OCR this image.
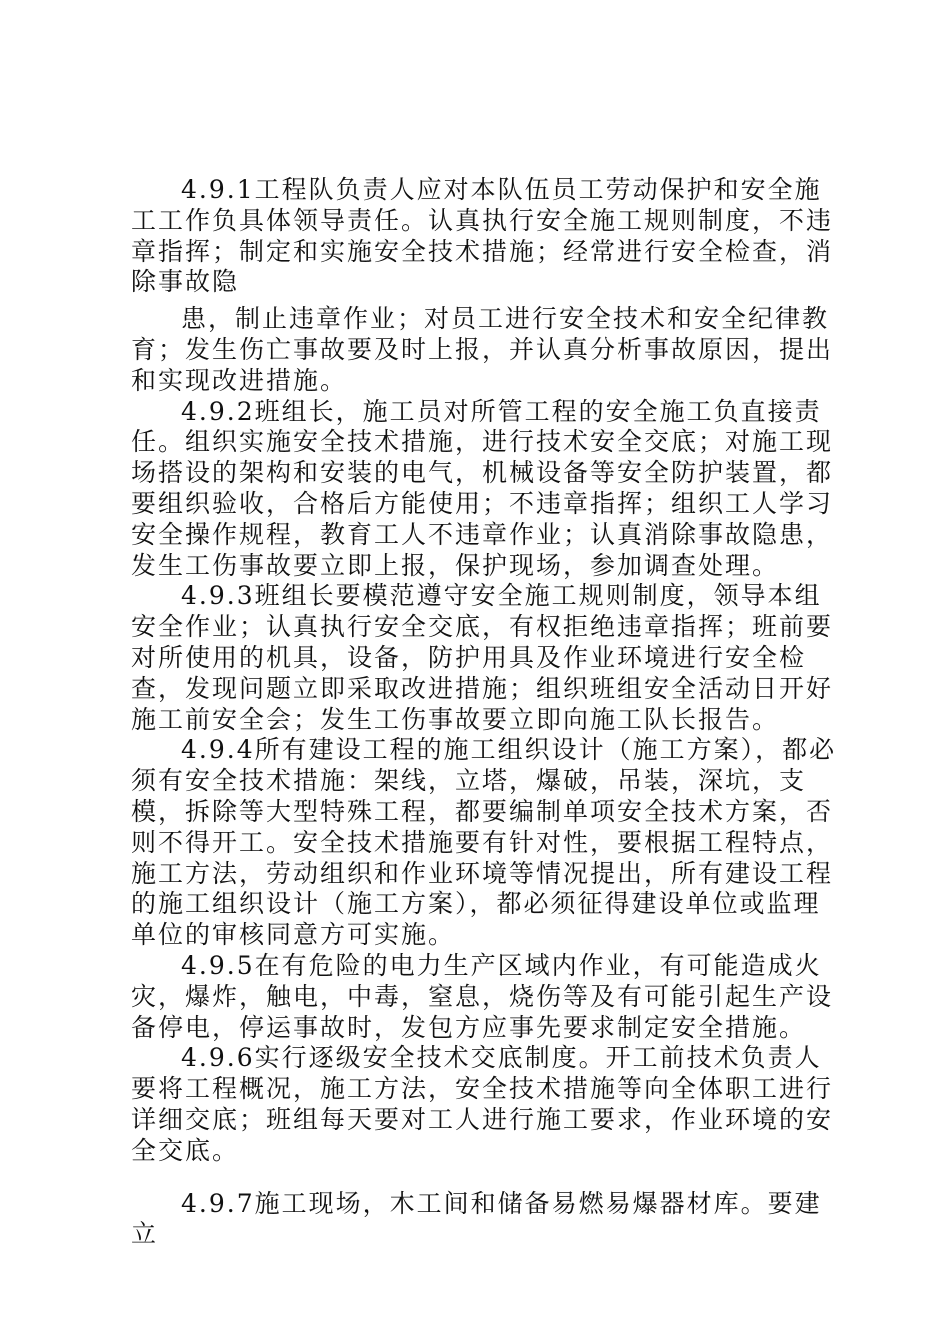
4.9.1工程队负责人应对本队伍员工劳动保护和安全施工工作负具体领导责任。认真执行安全施工规则制度，不违章指挥；制定和实施安全技术措施；经常进行安全检查，消除事故隐

患，制止违章作业；对员工进行安全技术和安全纪律教育；发生伤亡事故要及时上报，并认真分析事故原因，提出和实现改进措施。

4.9.2班组长，施工员对所管工程的安全施工负直接责任。组织实施安全技术措施，进行技术安全交底；对施工现场搭设的架构和安装的电气，机械设备等安全防护装置，都要组织验收，合格后方能使用；不违章指挥；组织工人学习安全操作规程，教育工人不违章作业；认真消除事故隐患，发生工伤事故要立即上报，保护现场，参加调查处理。

4.9.3班组长要模范遵守安全施工规则制度，领导本组安全作业；认真执行安全交底，有权拒绝违章指挥；班前要对所使用的机具，设备，防护用具及作业环境进行安全检查，发现问题立即采取改进措施；组织班组安全活动日开好施工前安全会；发生工伤事故要立即向施工队长报告。

4.9.4所有建设工程的施工组织设计（施工方案），都必须有安全技术措施：架线，立塔，爆破，吊装，深坑，支模，拆除等大型特殊工程，都要编制单项安全技术方案，否则不得开工。安全技术措施要有针对性，要根据工程特点，施工方法，劳动组织和作业环境等情况提出，所有建设工程的施工组织设计（施工方案），都必须征得建设单位或监理单位的审核同意方可实施。

4.9.5在有危险的电力生产区域内作业，有可能造成火灾，爆炸，触电，中毒，窒息，烧伤等及有可能引起生产设备停电，停运事故时，发包方应事先要求制定安全措施。

4.9.6实行逐级安全技术交底制度。开工前技术负责人要将工程概况，施工方法，安全技术措施等向全体职工进行详细交底；班组每天要对工人进行施工要求，作业环境的安全交底。

4.9.7施工现场，木工间和储备易燃易爆器材库。要建立
